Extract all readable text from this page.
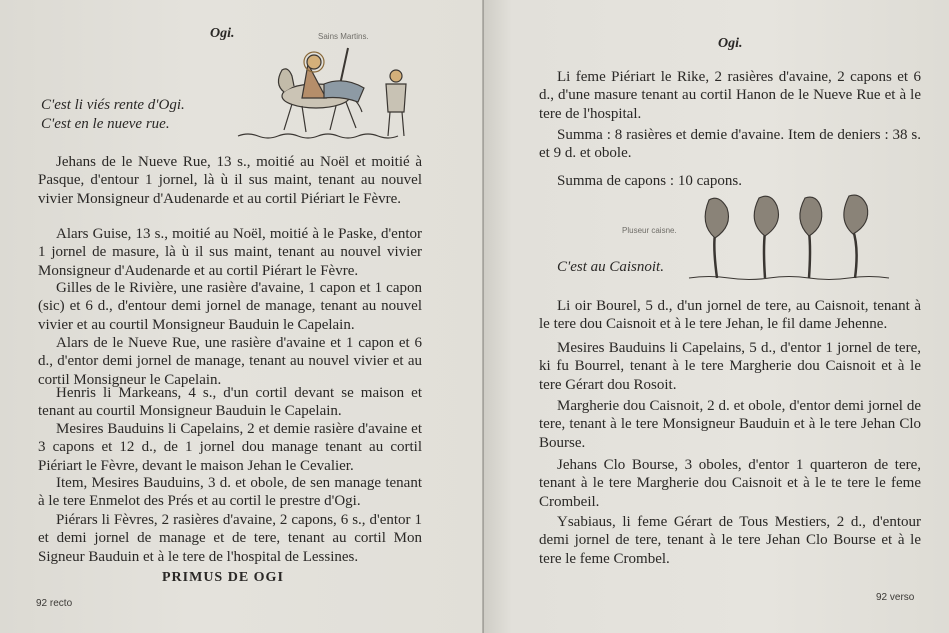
Ogi.	Sains Martins.
C'est li viés rente d'Ogi.
C'est en le nueve rue.

Jehans de le Nueve Rue, 13 s., moitié au Noël et moitié à Pasque, d'entour 1 jornel, là ù il sus maint, tenant au nouvel vivier Monsigneur d'Audenarde et au cortil Piériart le Fèvre.

Alars Guise, 13 s., moitié au Noël, moitié à le Paske, d'entor 1 jornel de masure, là ù il sus maint, tenant au nouvel vivier Monsigneur d'Audenarde et au cortil Piérart le Fèvre.

Gilles de le Rivière, une rasière d'avaine, 1 capon et 1 capon (sic) et 6 d., d'entour demi jornel de manage, tenant au nouvel vivier et au courtil Monsigneur Bauduin le Capelain.

Alars de le Nueve Rue, une rasière d'avaine et 1 capon et 6 d., d'entor demi jornel de manage, tenant au nouvel vivier et au cortil Monsigneur le Capelain.

Henris li Markeans, 4 s., d'un cortil devant se maison et tenant au courtil Monsigneur Bauduin le Capelain.

Mesires Bauduins li Capelains, 2 et demie rasière d'avaine et 3 capons et 12 d., de 1 jornel dou manage tenant au cortil Piériart le Fèvre, devant le maison Jehan le Cevalier.

Item, Mesires Bauduins, 3 d. et obole, de sen manage tenant à le tere Enmelot des Prés et au cortil le prestre d'Ogi.

Piérars li Fèvres, 2 rasières d'avaine, 2 capons, 6 s., d'entor 1 et demi jornel de manage et de tere, tenant au cortil Mon Signeur Bauduin et à le tere de l'hospital de Lessines.

PRIMUS DE OGI
92 recto
Ogi.

Li feme Piériart le Rike, 2 rasières d'avaine, 2 capons et 6 d., d'une masure tenant au cortil Hanon de le Nueve Rue et à le tere de l'hospital.

Summa : 8 rasières et demie d'avaine. Item de deniers : 38 s. et 9 d. et obole.

Summa de capons : 10 capons.

Pluseur caisne.
C'est au Caisnoit.

Li oir Bourel, 5 d., d'un jornel de tere, au Caisnoit, tenant à le tere dou Caisnoit et à le tere Jehan, le fil dame Jehenne.

Mesires Bauduins li Capelains, 5 d., d'entor 1 jornel de tere, ki fu Bourrel, tenant à le tere Margherie dou Caisnoit et à le tere Gérart dou Rosoit.

Margherie dou Caisnoit, 2 d. et obole, d'entor demi jornel de tere, tenant à le tere Monsigneur Bauduin et à le tere Jehan Clo Bourse.

Jehans Clo Bourse, 3 oboles, d'entor 1 quarteron de tere, tenant à le tere Margherie dou Caisnoit et à le te tere le feme Crombeil.

Ysabiaus, li feme Gérart de Tous Mestiers, 2 d., d'entour demi jornel de tere, tenant à le tere Jehan Clo Bourse et à le tere le feme Crombel.

92 verso
